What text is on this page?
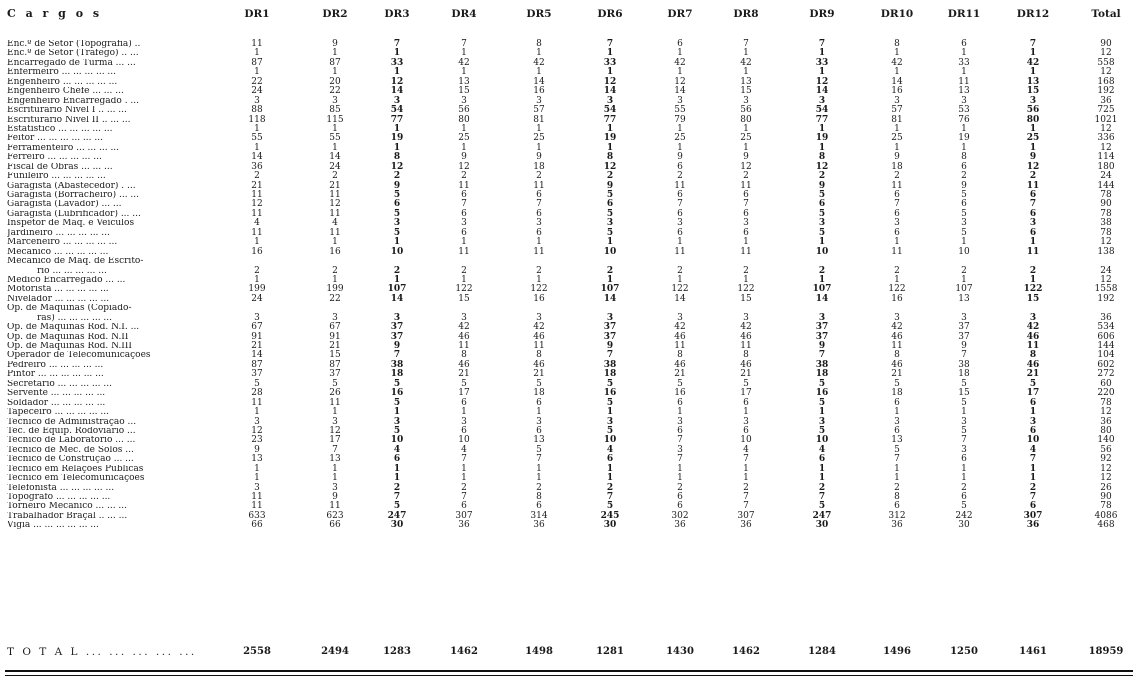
C a r g o s	DR1	DR2	DR3	DR4	DR5	DR6	DR7	DR8	DR9	DR10	DR11	DR12	Total
Enc.º de Setor (Topografia) ..	11	9	7	7	8	7	6	7	7	8	6	7	90
Enc.º de Setor (Tráfego) .. ...	1	1	1	1	1	1	1	1	1	1	1	1	12
Encarregado de Turma ... ...	87	87	33	42	42	33	42	42	33	42	33	42	558
Enfermeiro ... ... ... ... ...	1	1	1	1	1	1	1	1	1	1	1	1	12
Engenheiro ... ... ... ... ...	22	20	12	13	14	12	12	13	12	14	11	13	168
Engenheiro Chefe ... ... ...	24	22	14	15	16	14	14	15	14	16	13	15	192
Engenheiro Encarregado . ...	3	3	3	3	3	3	3	3	3	3	3	3	36
Escriturário Nível I .. ... ...	88	85	54	56	57	54	55	56	54	57	53	56	725
Escriturário Nível II .. ... ...	118	115	77	80	81	77	79	80	77	81	76	80	1021
Estatístico ... ... ... ... ...	1	1	1	1	1	1	1	1	1	1	1	1	12
Feitor ... ... ... ... ... ...	55	55	19	25	25	19	25	25	19	25	19	25	336
Ferramenteiro ... ... ... ...	1	1	1	1	1	1	1	1	1	1	1	1	12
Ferreiro ... ... ... ... ...	14	14	8	9	9	8	9	9	8	9	8	9	114
Fiscal de Obras ... ... ...	36	24	12	12	18	12	6	12	12	18	6	12	180
Funileiro ... ... ... ... ...	2	2	2	2	2	2	2	2	2	2	2	2	24
Garagista (Abastecedor) . ...	21	21	9	11	11	9	11	11	9	11	9	11	144
Garagista (Borracheiro) ... ...	11	11	5	6	6	5	6	6	5	6	5	6	78
Garagista (Lavador) ... ...	12	12	6	7	7	6	7	7	6	7	6	7	90
Garagista (Lubrificador) ... ...	11	11	5	6	6	5	6	6	5	6	5	6	78
Inspetor de Máq. e Veículos	4	4	3	3	3	3	3	3	3	3	3	3	38
Jardineiro ... ... ... ... ...	11	11	5	6	6	5	6	6	5	6	5	6	78
Marceneiro ... ... ... ... ...	1	1	1	1	1	1	1	1	1	1	1	1	12
Mecânico ... ... ... ... ...	16	16	10	11	11	10	11	11	10	11	10	11	138
Mecânico de Máq. de Escritó-
rio ... ... ... ... ...	2	2	2	2	2	2	2	2	2	2	2	2	24
Médico Encarregado ... ...	1	1	1	1	1	1	1	1	1	1	1	1	12
Motorista ... ... ... ... ...	199	199	107	122	122	107	122	122	107	122	107	122	1558
Nivelador ... ... ... ... ...	24	22	14	15	16	14	14	15	14	16	13	15	192
Op. de Máquinas (Copiado-
ras) ... ... ... ... ...	3	3	3	3	3	3	3	3	3	3	3	3	36
Op. de Máquinas Rod. N.I. ...	67	67	37	42	42	37	42	42	37	42	37	42	534
Op. de Máquinas Rod. N.II	91	91	37	46	46	37	46	46	37	46	37	46	606
Op. de Máquinas Rod. N.III	21	21	9	11	11	9	11	11	9	11	9	11	144
Operador de Telecomunicações	14	15	7	8	8	7	8	8	7	8	7	8	104
Pedreiro ... ... ... ... ...	87	87	38	46	46	38	46	46	38	46	38	46	602
Pintor ... ... ... ... ... ...	37	37	18	21	21	18	21	21	18	21	18	21	272
Secretário ... ... ... ... ...	5	5	5	5	5	5	5	5	5	5	5	5	60
Servente ... ... ... ... ...	28	26	16	17	18	16	16	17	16	18	15	17	220
Soldador ... ... ... ... ...	11	11	5	6	6	5	6	6	5	6	5	6	78
Tapeceiro ... ... ... ... ...	1	1	1	1	1	1	1	1	1	1	1	1	12
Técnico de Administração ...	3	3	3	3	3	3	3	3	3	3	3	3	36
Téc. de Equip. Rodoviário ...	12	12	5	6	6	5	6	6	5	6	5	6	80
Técnico de Laboratório ... ...	23	17	10	10	13	10	7	10	10	13	7	10	140
Técnico de Mec. de Solos ...	9	7	4	4	5	4	3	4	4	5	3	4	56
Técnico de Construção ... ...	13	13	6	7	7	6	7	7	6	7	6	7	92
Técnico em Relações Públicas	1	1	1	1	1	1	1	1	1	1	1	1	12
Técnico em Telecomunicações	1	1	1	1	1	1	1	1	1	1	1	1	12
Telefonista ... ... ... ... ...	3	3	2	2	2	2	2	2	2	2	2	2	26
Topógrafo ... ... ... ... ...	11	9	7	7	8	7	6	7	7	8	6	7	90
Torneiro Mecânico ... ... ...	11	11	5	6	6	5	6	7	5	6	5	6	78
Trabalhador Braçal .. ... ...	633	623	247	307	314	245	302	307	247	312	242	307	4086
Vigia ... ... ... ... ... ...	66	66	30	36	36	30	36	36	30	36	30	36	468
T O T A L ... ... ... ... ...	2558	2494	1283	1462	1498	1281	1430	1462	1284	1496	1250	1461	18959
